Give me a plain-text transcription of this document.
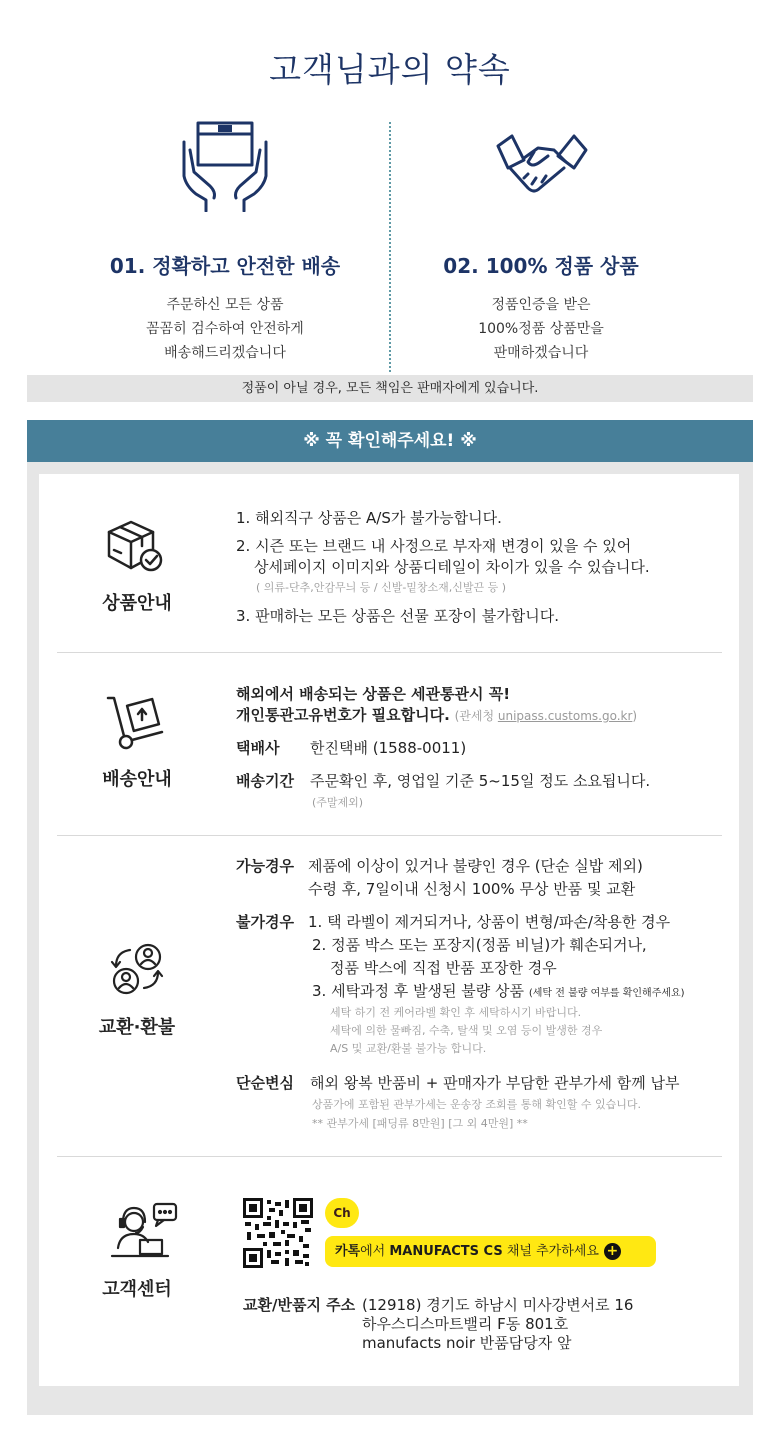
고객님과의 약속
01. 정확하고 안전한 배송

주문하신 모든 상품
꼼꼼히 검수하여 안전하게
배송해드리겠습니다

02. 100% 정품 상품

정품인증을 받은
100%정품 상품만을
판매하겠습니다

정품이 아닐 경우, 모든 책임은 판매자에게 있습니다.
※ 꼭 확인해주세요! ※
상품안내
1. 해외직구 상품은 A/S가 불가능합니다.
2. 시즌 또는 브랜드 내 사정으로 부자재 변경이 있을 수 있어
상세페이지 이미지와 상품디테일이 차이가 있을 수 있습니다.
( 의류-단추,안감무늬 등 / 신발-밑창소재,신발끈 등 )
3. 판매하는 모든 상품은 선물 포장이 불가합니다.
배송안내
해외에서 배송되는 상품은 세관통관시 꼭!
개인통관고유번호가 필요합니다. (관세청 unipass.customs.go.kr)
택배사 한진택배 (1588-0011)
배송기간 주문확인 후, 영업일 기준 5~15일 정도 소요됩니다.
(주말제외)
교환·환불
가능경우 제품에 이상이 있거나 불량인 경우 (단순 실밥 제외)
수령 후, 7일이내 신청시 100% 무상 반품 및 교환
불가경우 1. 택 라벨이 제거되거나, 상품이 변형/파손/착용한 경우
2. 정품 박스 또는 포장지(정품 비닐)가 훼손되거나,
정품 박스에 직접 반품 포장한 경우
3. 세탁과정 후 발생된 불량 상품 (세탁 전 불량 여부를 확인해주세요)
세탁 하기 전 케어라벨 확인 후 세탁하시기 바랍니다.
세탁에 의한 물빠짐, 수축, 탈색 및 오염 등이 발생한 경우
A/S 및 교환/환불 불가능 합니다.
단순변심 해외 왕복 반품비 + 판매자가 부담한 관부가세 함께 납부
상품가에 포함된 관부가세는 운송장 조회를 통해 확인할 수 있습니다.
** 관부가세 [패딩류 8만원] [그 외 4만원] **
고객센터
Ch
카톡에서 MANUFACTS CS 채널 추가하세요 +
교환/반품지 주소 (12918) 경기도 하남시 미사강변서로 16
하우스디스마트밸리 F동 801호
manufacts noir 반품담당자 앞
